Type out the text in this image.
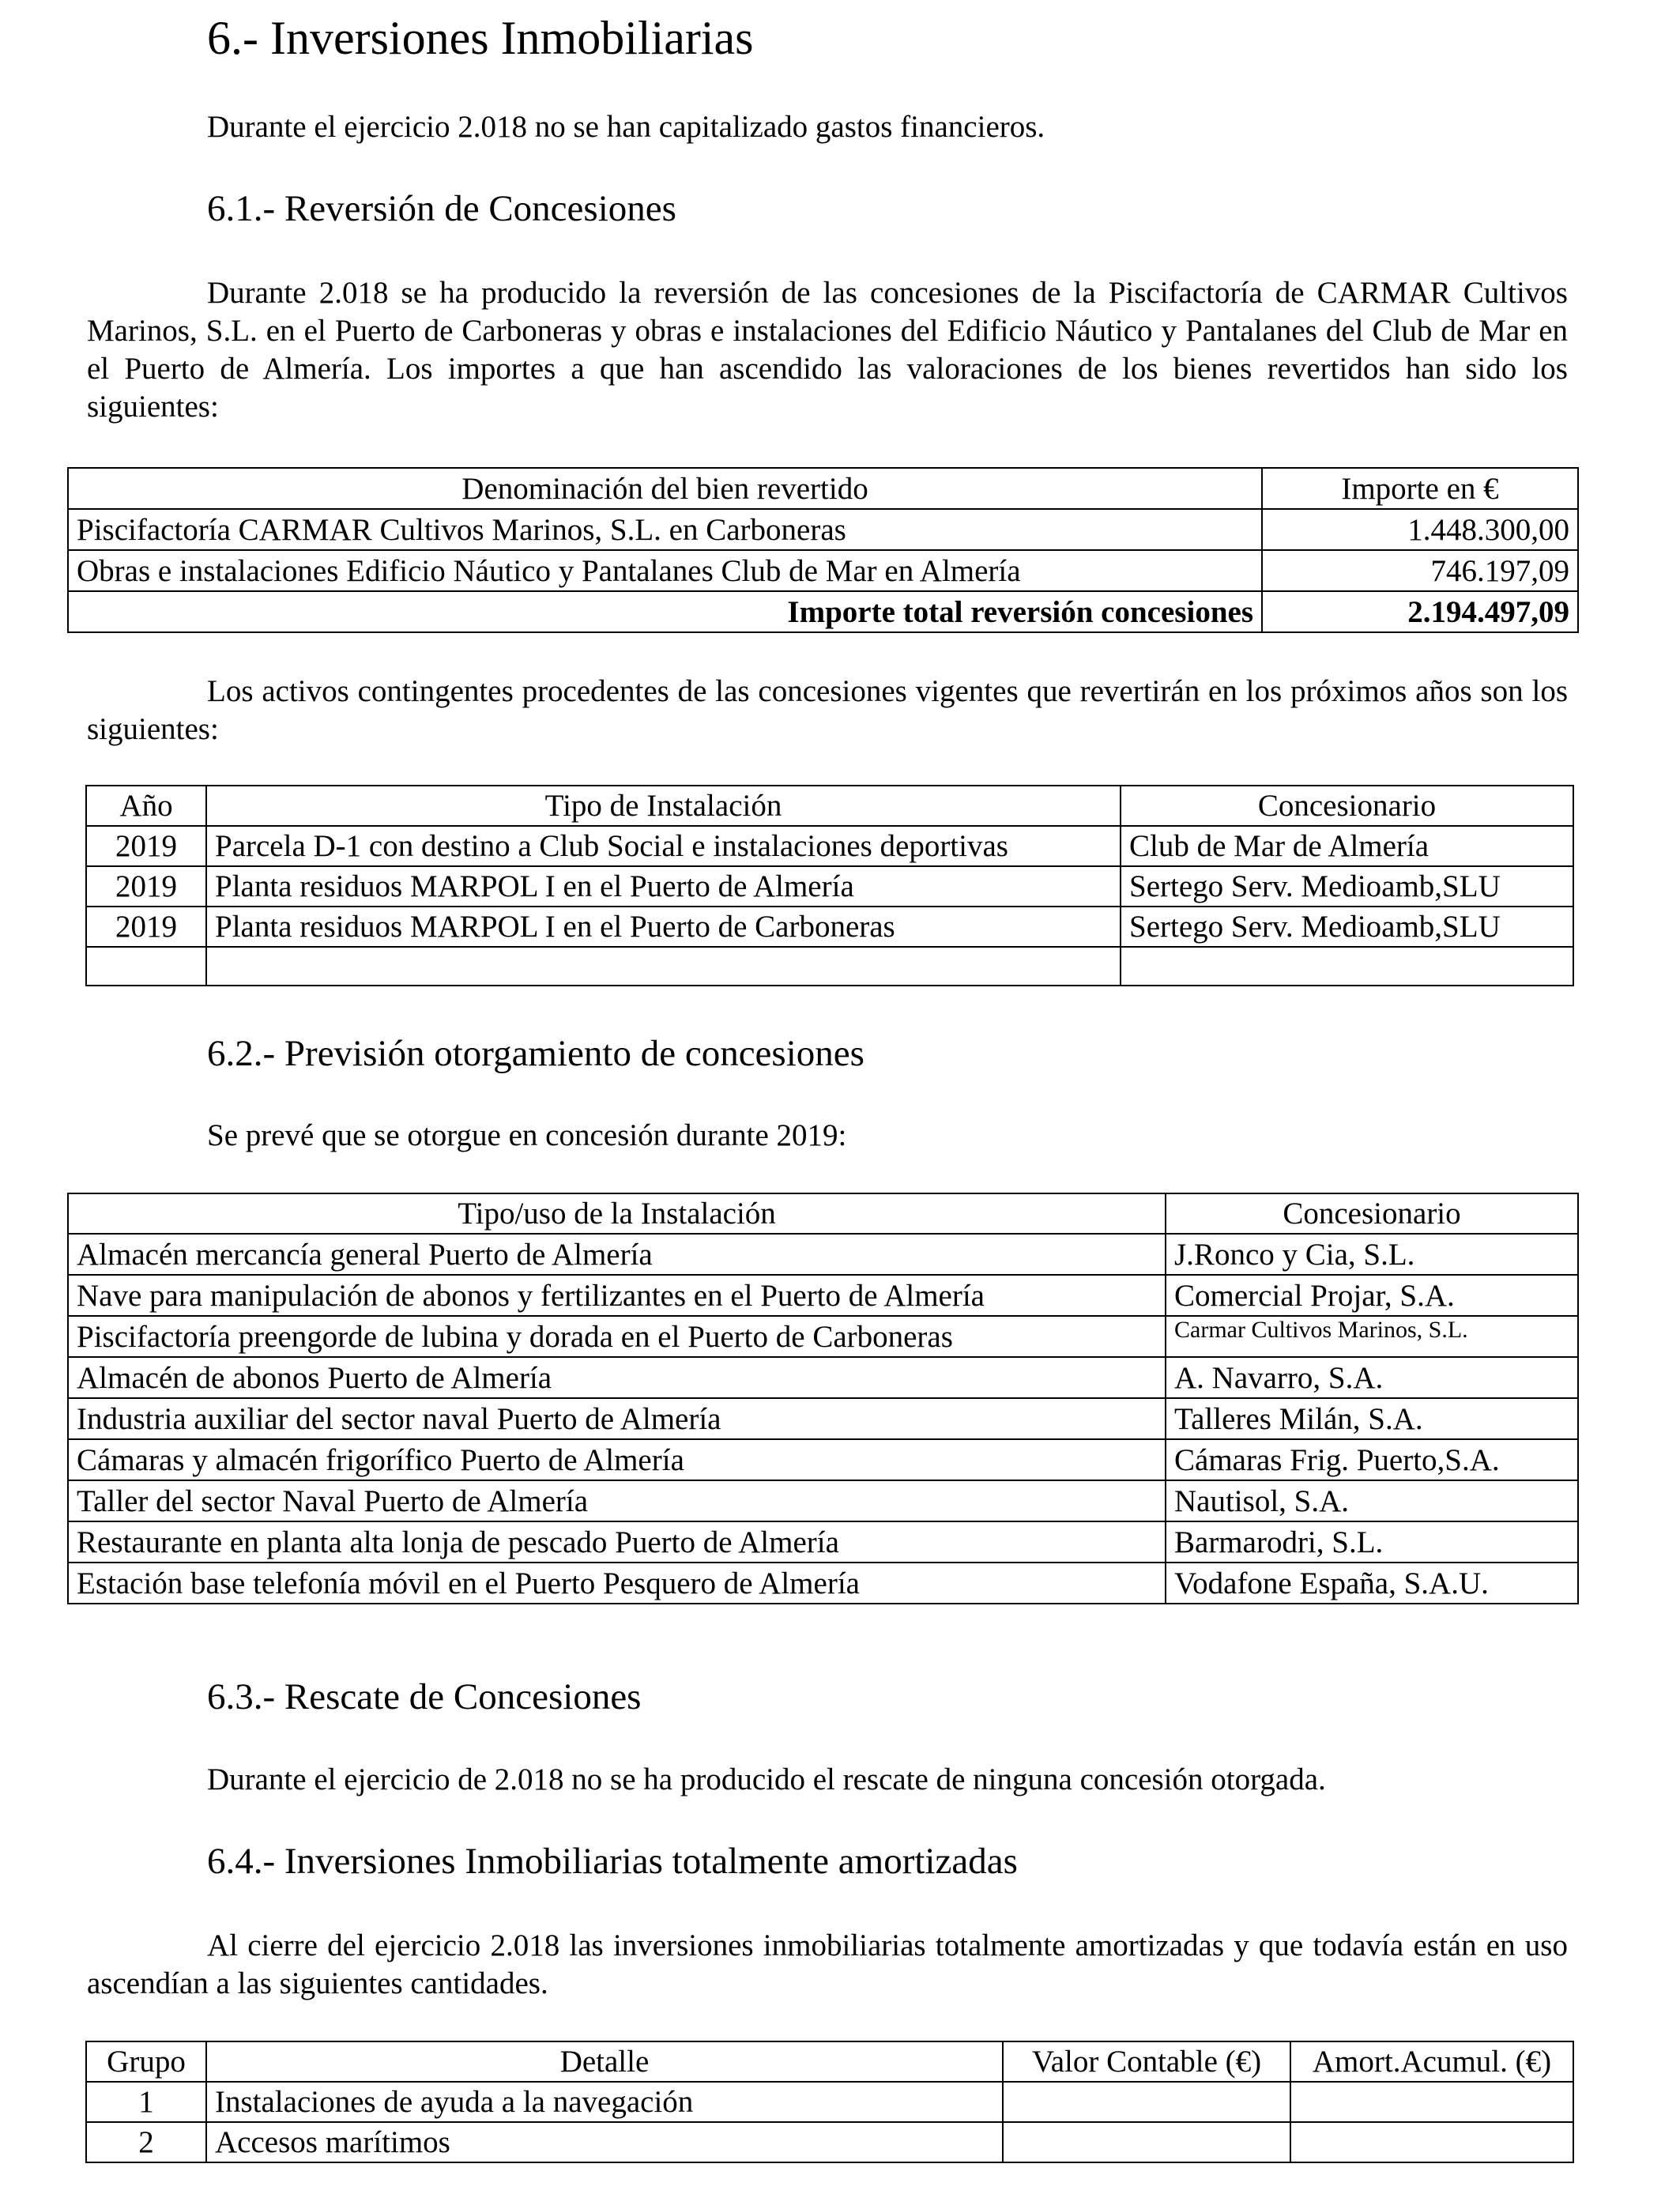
6.- Inversiones Inmobiliarias
Durante el ejercicio 2.018 no se han capitalizado gastos financieros.
6.1.- Reversión de Concesiones
Durante 2.018 se ha producido la reversión de las concesiones de la Piscifactoría de CARMAR Cultivos Marinos, S.L. en el Puerto de Carboneras y obras e instalaciones del Edificio Náutico y Pantalanes del Club de Mar en el Puerto de Almería. Los importes a que han ascendido las valoraciones de los bienes revertidos han sido los siguientes:
Denominación del bien revertido	Importe en €
Piscifactoría CARMAR Cultivos Marinos, S.L. en Carboneras	1.448.300,00
Obras e instalaciones Edificio Náutico y Pantalanes Club de Mar en Almería	746.197,09
Importe total reversión concesiones	2.194.497,09
Los activos contingentes procedentes de las concesiones vigentes que revertirán en los próximos años son los siguientes:
Año	Tipo de Instalación	Concesionario
2019	Parcela D-1 con destino a Club Social e instalaciones deportivas	Club de Mar de Almería
2019	Planta residuos MARPOL I en el Puerto de Almería	Sertego Serv. Medioamb,SLU
2019	Planta residuos MARPOL I en el Puerto de Carboneras	Sertego Serv. Medioamb,SLU

6.2.- Previsión otorgamiento de concesiones
Se prevé que se otorgue en concesión durante 2019:
Tipo/uso de la Instalación	Concesionario
Almacén mercancía general Puerto de Almería	J.Ronco y Cia, S.L.
Nave para manipulación de abonos y fertilizantes en el Puerto de Almería	Comercial Projar, S.A.
Piscifactoría preengorde de lubina y dorada en el Puerto de Carboneras	Carmar Cultivos Marinos, S.L.
Almacén de abonos Puerto de Almería	A. Navarro, S.A.
Industria auxiliar del sector naval Puerto de Almería	Talleres Milán, S.A.
Cámaras y almacén frigorífico Puerto de Almería	Cámaras Frig. Puerto,S.A.
Taller del sector Naval Puerto de Almería	Nautisol, S.A.
Restaurante en planta alta lonja de pescado Puerto de Almería	Barmarodri, S.L.
Estación base telefonía móvil en el Puerto Pesquero de Almería	Vodafone España, S.A.U.
6.3.- Rescate de Concesiones
Durante el ejercicio de 2.018 no se ha producido el rescate de ninguna concesión otorgada.
6.4.- Inversiones Inmobiliarias totalmente amortizadas
Al cierre del ejercicio 2.018 las inversiones inmobiliarias totalmente amortizadas y que todavía están en uso ascendían a las siguientes cantidades.
Grupo	Detalle	Valor Contable (€)	Amort.Acumul. (€)
1	Instalaciones de ayuda a la navegación		
2	Accesos marítimos		
